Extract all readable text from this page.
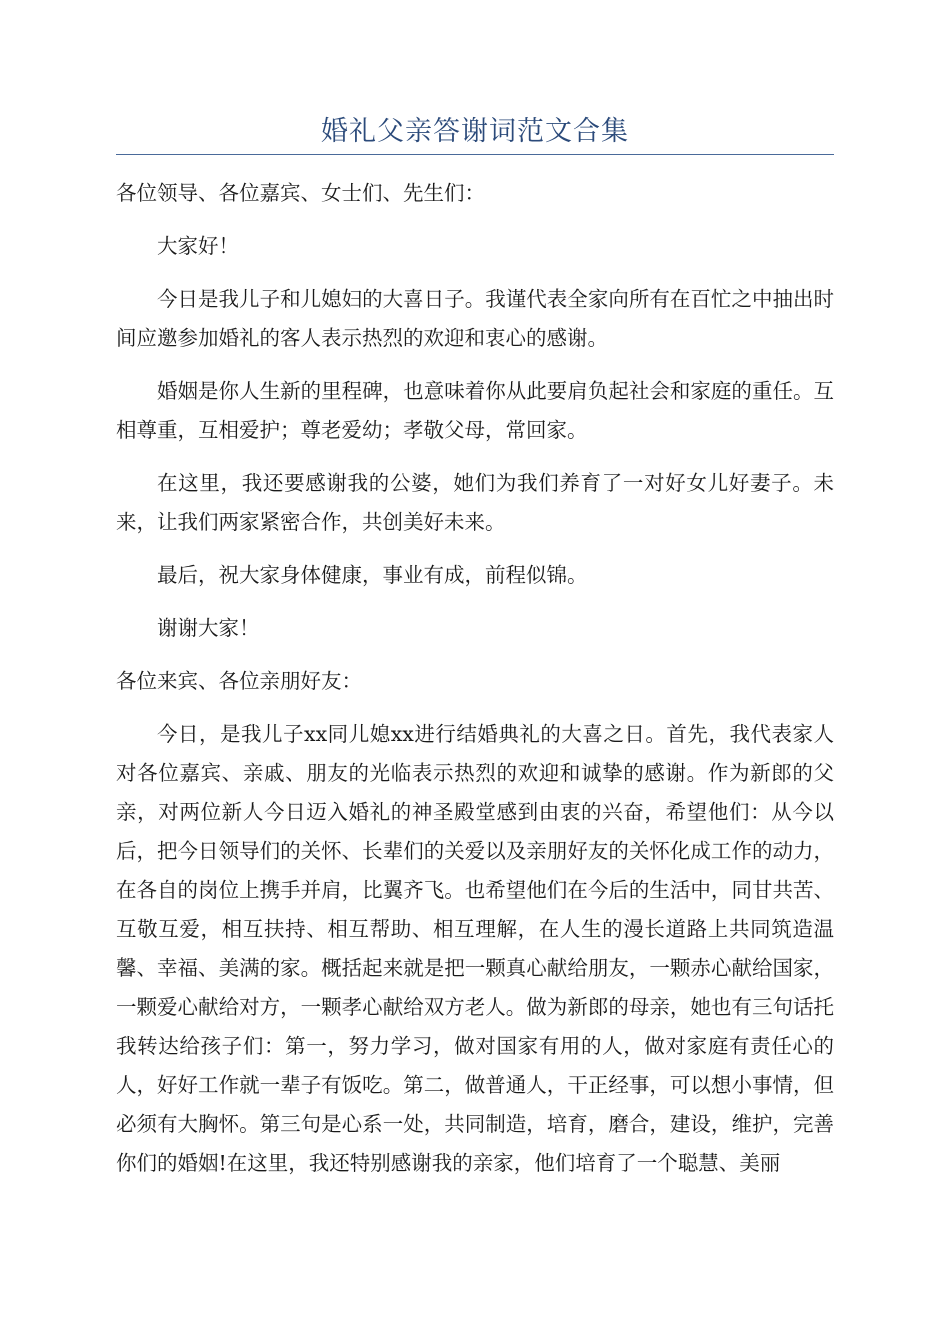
婚礼父亲答谢词范文合集

各位领导、各位嘉宾、女士们、先生们：

大家好！

今日是我儿子和儿媳妇的大喜日子。我谨代表全家向所有在百忙之中抽出时间应邀参加婚礼的客人表示热烈的欢迎和衷心的感谢。

婚姻是你人生新的里程碑，也意味着你从此要肩负起社会和家庭的重任。互相尊重，互相爱护；尊老爱幼；孝敬父母，常回家。

在这里，我还要感谢我的公婆，她们为我们养育了一对好女儿好妻子。未来，让我们两家紧密合作，共创美好未来。

最后，祝大家身体健康，事业有成，前程似锦。

谢谢大家！

各位来宾、各位亲朋好友：

今日，是我儿子xx同儿媳xx进行结婚典礼的大喜之日。首先，我代表家人对各位嘉宾、亲戚、朋友的光临表示热烈的欢迎和诚挚的感谢。作为新郎的父亲，对两位新人今日迈入婚礼的神圣殿堂感到由衷的兴奋，希望他们：从今以后，把今日领导们的关怀、长辈们的关爱以及亲朋好友的关怀化成工作的动力，在各自的岗位上携手并肩，比翼齐飞。也希望他们在今后的生活中，同甘共苦、互敬互爱，相互扶持、相互帮助、相互理解，在人生的漫长道路上共同筑造温馨、幸福、美满的家。概括起来就是把一颗真心献给朋友，一颗赤心献给国家，一颗爱心献给对方，一颗孝心献给双方老人。做为新郎的母亲，她也有三句话托我转达给孩子们：第一，努力学习，做对国家有用的人，做对家庭有责任心的人，好好工作就一辈子有饭吃。第二，做普通人，干正经事，可以想小事情，但必须有大胸怀。第三句是心系一处，共同制造，培育，磨合，建设，维护，完善你们的婚姻!在这里，我还特别感谢我的亲家，他们培育了一个聪慧、美丽
